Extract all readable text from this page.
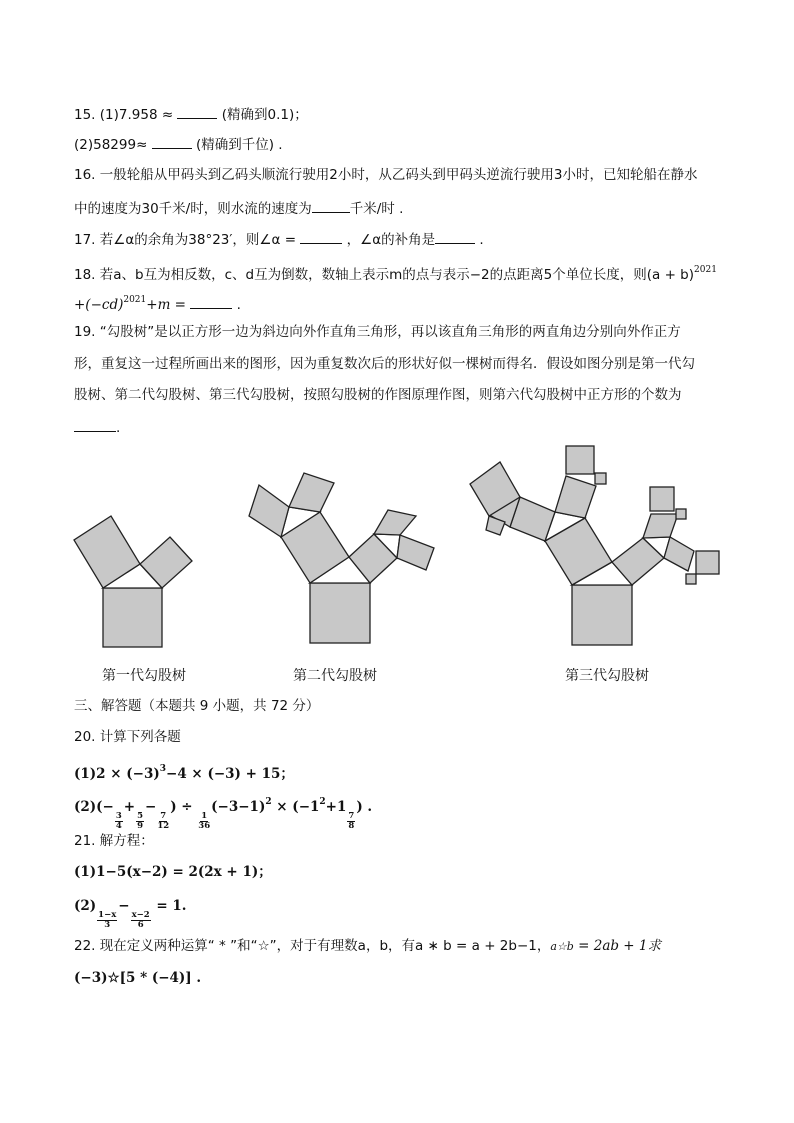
15. (1)7.958 ≈	(精确到0.1)；
(2)58299≈	(精确到千位) .
16. 一般轮船从甲码头到乙码头顺流行驶用2小时，从乙码头到甲码头逆流行驶用3小时，已知轮船在静水
中的速度为30千米/时，则水流的速度为	千米/时 .
17. 若∠α的余角为38°23′，则∠α =	，∠α的补角是	.
18. 若a、b互为相反数，c、d互为倒数，数轴上表示m的点与表示−2的点距离5个单位长度，则$(a + b)^{2021}$
$+(-cd)^{2021}+m$ =	.
19. “勾股树”是以正方形一边为斜边向外作直角三角形，再以该直角三角形的两直角边分别向外作正方
形，重复这一过程所画出来的图形，因为重复数次后的形状好似一棵树而得名．假设如图分别是第一代勾
股树、第二代勾股树、第三代勾股树，按照勾股树的作图原理作图，则第六代勾股树中正方形的个数为
.
第一代勾股树	第二代勾股树	第三代勾股树
三、解答题（本题共 9 小题，共 72 分）
20. 计算下列各题
$(1)2 \times (-3)^3-4 \times (-3) + 15$；
(2)(−
$\frac{3}{4}$
+
$\frac{5}{9}$
−
$\frac{7}{12}$
) ÷
$\frac{1}{36}$
$(-3-1)^2 \times (-1^2+1$
$\frac{7}{8}$
) .
21. 解方程：
(1)1−5(x−2) = 2(2x + 1)；
(2)
$\frac{1-x}{3}$
−
$\frac{x-2}{6}$
= 1.
22. 现在定义两种运算“ * ”和“☆”，对于有理数a，b，有a ∗ b = a + 2b−1，a☆b = 2ab + 1求
(−3)☆[5 * (−4)] .
